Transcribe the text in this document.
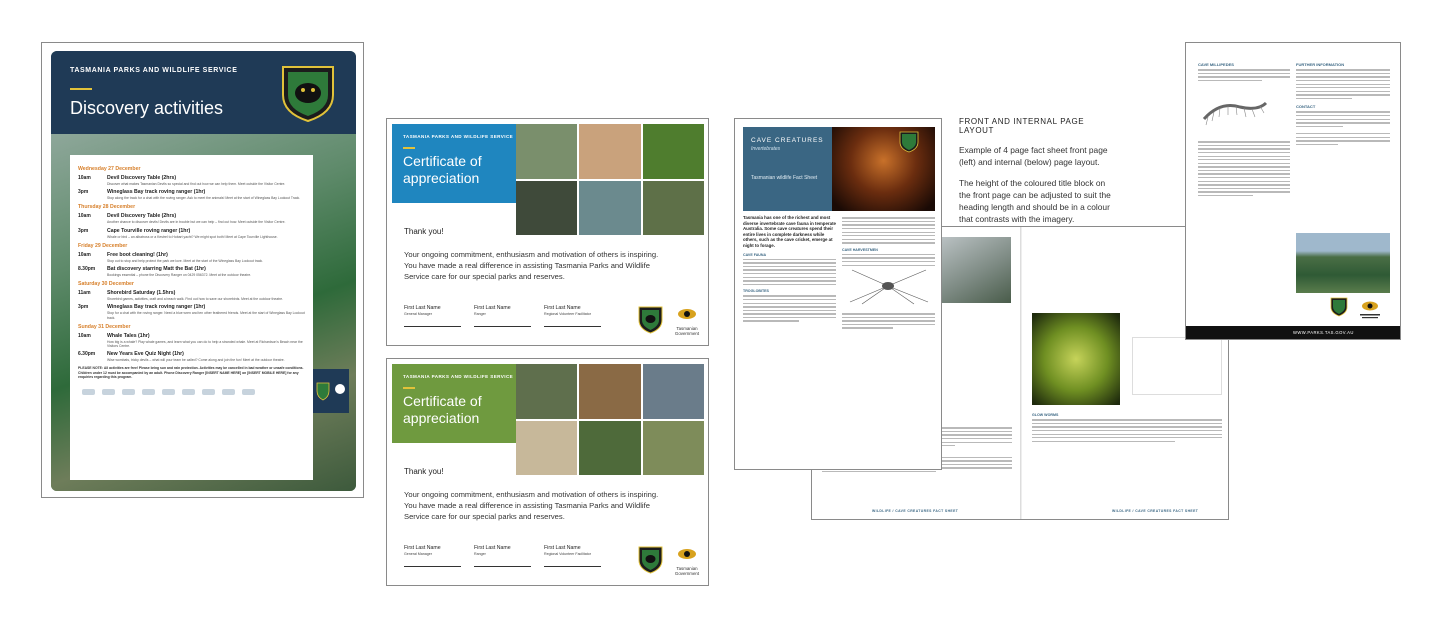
TASMANIA PARKS AND WILDLIFE SERVICE
Discovery activities
Wednesday 27 December
10am	Devil Discovery Table (2hrs)
Discover what makes Tasmanian Devils so special and find out how we can help them. Meet outside the Visitor Centre.
3pm	Wineglass Bay track roving ranger (1hr)
Stop along the track for a chat with the roving ranger. Ask to meet the animals! Meet at the start of Wineglass Bay Lookout Track.
Thursday 28 December
10am	Devil Discovery Table (2hrs)
Another chance to discover devils! Devils are in trouble but we can help – find out how. Meet outside the Visitor Centre.
3pm	Cape Tourville roving ranger (1hr)
Whale or bird – an albatross or a Kestrel to Hobart yacht? We might spot both! Meet at Cape Tourville Lighthouse.
Friday 29 December
10am	Free boot cleaning! (1hr)
Stop out to stop and help protect the park we love. Meet at the start of the Wineglass Bay Lookout track.
8.30pm	Bat discovery starring Matt the Bat (1hr)
Bookings essential – phone the Discovery Ranger on 0429 056372. Meet at the outdoor theatre.
Saturday 30 December
11am	Shorebird Saturday (1.5hrs)
Shorebird games, activities, craft and a beach walk. Find out how to save our shorebirds. Meet at the outdoor theatre.
3pm	Wineglass Bay track roving ranger (1hr)
Stop for a chat with the roving ranger. Need a blue wren and ten other feathered friends. Meet at the start of Wineglass Bay Lookout track.
Sunday 31 December
10am	Whale Tales (1hr)
How big is a whale? Play whale games, and learn what you can do to help a stranded whale. Meet at Richardson's Beach near the Visitors Centre.
6.30pm	New Years Eve Quiz Night (1hr)
Wise wombats, tricky devils – what will your team be called? Come along and join the fun! Meet at the outdoor theatre.
PLEASE NOTE: All activities are free! Please bring sun and rain protection. Activities may be cancelled in bad weather or unsafe conditions. Children under 12 must be accompanied by an adult. Phone Discovery Ranger [INSERT NAME HERE] on [INSERT MOBILE HERE] for any enquiries regarding this program.
TASMANIA PARKS AND WILDLIFE SERVICE
Certificate of appreciation
Thank you!
Your ongoing commitment, enthusiasm and motivation of others is inspiring. You have made a real difference in assisting Tasmania Parks and Wildlife Service care for our special parks and reserves.
First Last Name
General Manager
First Last Name
Ranger
First Last Name
Regional Volunteer Facilitator
Tasmanian Government
TASMANIA PARKS AND WILDLIFE SERVICE
Certificate of appreciation
Thank you!
Your ongoing commitment, enthusiasm and motivation of others is inspiring. You have made a real difference in assisting Tasmania Parks and Wildlife Service care for our special parks and reserves.
First Last Name
General Manager
First Last Name
Ranger
First Last Name
Regional Volunteer Facilitator
Tasmanian Government
WILDLIFE / CAVE CREATURES FACT SHEET
GLOW WORMS
WILDLIFE / CAVE CREATURES FACT SHEET
CAVE CREATURES
Invertebrates
Tasmanian wildlife Fact Sheet
Tasmania has one of the richest and most diverse invertebrate cave fauna in temperate Australia. Some cave creatures spend their entire lives in complete darkness while others, such as the cave cricket, emerge at night to forage.
CAVE FAUNA
TROGLOBITES
CAVE HARVESTMEN
FRONT AND INTERNAL PAGE LAYOUT
Example of 4 page fact sheet front page (left) and internal (below) page layout.
The height of the coloured title block on the front page can be adjusted to suit the heading length and should be in a colour that contrasts with the imagery.
CAVE MILLIPEDES	FURTHER INFORMATION
CONTACT
WWW.PARKS.TAS.GOV.AU
